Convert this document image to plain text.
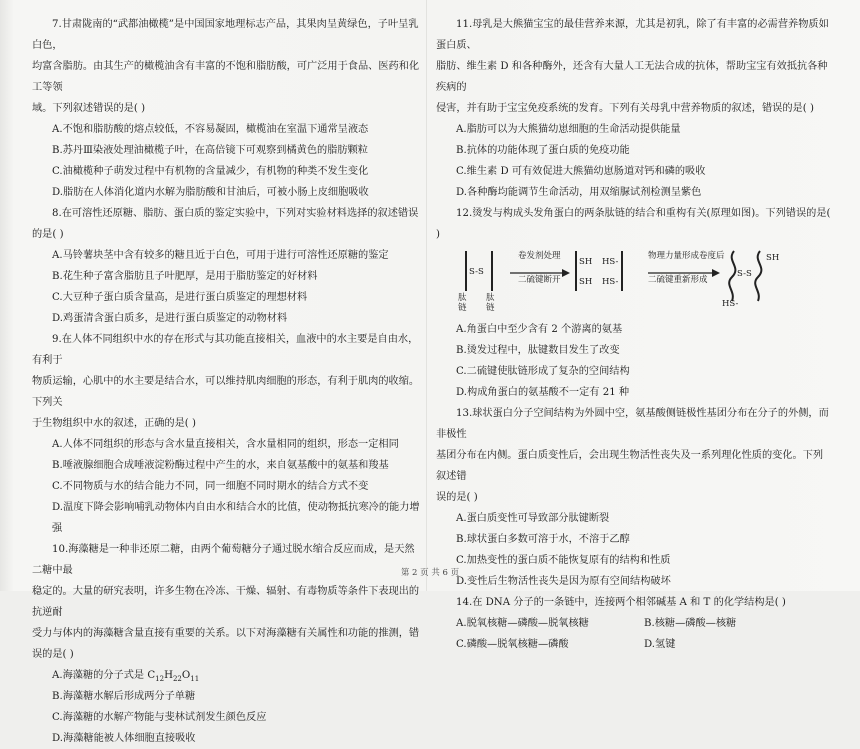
7.甘肃陇南的“武都油橄榄”是中国国家地理标志产品，其果肉呈黄绿色，子叶呈乳白色，

均富含脂肪。由其生产的橄榄油含有丰富的不饱和脂肪酸，可广泛用于食品、医药和化工等领

域。下列叙述错误的是( )

A.不饱和脂肪酸的熔点较低，不容易凝固，橄榄油在室温下通常呈液态

B.苏丹Ⅲ染液处理油橄榄子叶，在高倍镜下可观察到橘黄色的脂肪颗粒

C.油橄榄种子萌发过程中有机物的含量减少，有机物的种类不发生变化

D.脂肪在人体消化道内水解为脂肪酸和甘油后，可被小肠上皮细胞吸收

8.在可溶性还原糖、脂肪、蛋白质的鉴定实验中，下列对实验材料选择的叙述错误的是( )

A.马铃薯块茎中含有较多的糖且近于白色，可用于进行可溶性还原糖的鉴定

B.花生种子富含脂肪且子叶肥厚，是用于脂肪鉴定的好材料

C.大豆种子蛋白质含量高，是进行蛋白质鉴定的理想材料

D.鸡蛋清含蛋白质多，是进行蛋白质鉴定的动物材料

9.在人体不同组织中水的存在形式与其功能直接相关，血液中的水主要是自由水，有利于

物质运输，心肌中的水主要是结合水，可以维持肌肉细胞的形态，有利于肌肉的收缩。下列关

于生物组织中水的叙述，正确的是( )

A.人体不同组织的形态与含水量直接相关，含水量相同的组织，形态一定相同

B.唾液腺细胞合成唾液淀粉酶过程中产生的水，来自氨基酸中的氨基和羧基

C.不同物质与水的结合能力不同，同一细胞不同时期水的结合方式不变

D.温度下降会影响哺乳动物体内自由水和结合水的比值，使动物抵抗寒冷的能力增强

10.海藻糖是一种非还原二糖，由两个葡萄糖分子通过脱水缩合反应而成，是天然二糖中最

稳定的。大量的研究表明，许多生物在冷冻、干燥、辐射、有毒物质等条件下表现出的抗逆耐

受力与体内的海藻糖含量直接有重要的关系。以下对海藻糖有关属性和功能的推测，错误的是( )

A.海藻糖的分子式是 $C_{12}H_{22}O_{11}$

B.海藻糖水解后形成两分子单糖

C.海藻糖的水解产物能与斐林试剂发生颜色反应

D.海藻糖能被人体细胞直接吸收

11.母乳是大熊猫宝宝的最佳营养来源，尤其是初乳，除了有丰富的必需营养物质如蛋白质、

脂肪、维生素 D 和各种酶外，还含有大量人工无法合成的抗体，帮助宝宝有效抵抗各种疾病的

侵害，并有助于宝宝免疫系统的发育。下列有关母乳中营养物质的叙述，错误的是( )

A.脂肪可以为大熊猫幼崽细胞的生命活动提供能量

B.抗体的功能体现了蛋白质的免疫功能

C.维生素 D 可有效促进大熊猫幼崽肠道对钙和磷的吸收

D.各种酶均能调节生命活动，用双缩脲试剂检测呈紫色

12.烫发与构成头发角蛋白的两条肽链的结合和重构有关(原理如图)。下列错误的是( )

S-S
肽
链
肽
链
卷发剂处理
二硫键断开
SH
SH
HS-
HS-
物理力量形成卷度后
二硫键重新形成
S-S
SH
HS-

A.角蛋白中至少含有 2 个游离的氨基

B.烫发过程中，肽键数目发生了改变

C.二硫键使肽链形成了复杂的空间结构

D.构成角蛋白的氨基酸不一定有 21 种

13.球状蛋白分子空间结构为外圆中空，氨基酸侧链极性基团分布在分子的外侧，而非极性

基团分布在内侧。蛋白质变性后，会出现生物活性丧失及一系列理化性质的变化。下列叙述错

误的是( )

A.蛋白质变性可导致部分肽键断裂

B.球状蛋白多数可溶于水，不溶于乙醇

C.加热变性的蛋白质不能恢复原有的结构和性质

D.变性后生物活性丧失是因为原有空间结构破坏

14.在 DNA 分子的一条链中，连接两个相邻碱基 A 和 T 的化学结构是( )

A.脱氧核糖—磷酸—脱氧核糖	B.核糖—磷酸—核糖
C.磷酸—脱氧核糖—磷酸	D.氢键
第 2 页 共 6 页
